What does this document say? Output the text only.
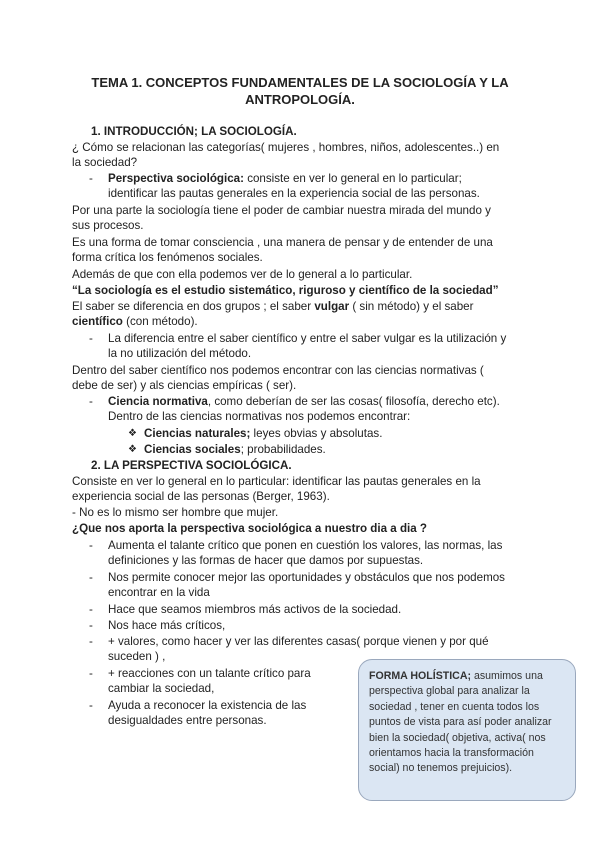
TEMA 1. CONCEPTOS FUNDAMENTALES DE LA SOCIOLOGÍA Y LA
ANTROPOLOGÍA.
1. INTRODUCCIÓN; LA SOCIOLOGÍA.
¿ Cómo se relacionan las categorías( mujeres , hombres, niños, adolescentes..) en
la sociedad?
- Perspectiva sociológica: consiste en ver lo general en lo particular;
identificar las pautas generales en la experiencia social de las personas.
Por una parte la sociología tiene el poder de cambiar nuestra mirada del mundo y
sus procesos.
Es una forma de tomar consciencia , una manera de pensar y de entender de una
forma crítica los fenómenos sociales.
Además de que con ella podemos ver de lo general a lo particular.
“La sociología es el estudio sistemático, riguroso y científico de la sociedad”
El saber se diferencia en dos grupos ; el saber vulgar ( sin método) y el saber
científico (con método).
- La diferencia entre el saber científico y entre el saber vulgar es la utilización y
la no utilización del método.
Dentro del saber científico nos podemos encontrar con las ciencias normativas (
debe de ser) y als ciencias empíricas ( ser).
- Ciencia normativa, como deberían de ser las cosas( filosofía, derecho etc).
Dentro de las ciencias normativas nos podemos encontrar:
❖ Ciencias naturales; leyes obvias y absolutas.
❖ Ciencias sociales; probabilidades.
2. LA PERSPECTIVA SOCIOLÓGICA.
Consiste en ver lo general en lo particular: identificar las pautas generales en la
experiencia social de las personas (Berger, 1963).
- No es lo mismo ser hombre que mujer.
¿Que nos aporta la perspectiva sociológica a nuestro dia a dia ?
- Aumenta el talante crítico que ponen en cuestión los valores, las normas, las
definiciones y las formas de hacer que damos por supuestas.
- Nos permite conocer mejor las oportunidades y obstáculos que nos podemos
encontrar en la vida
- Hace que seamos miembros más activos de la sociedad.
- Nos hace más críticos,
- + valores, como hacer y ver las diferentes casas( porque vienen y por qué
suceden ) ,
- + reacciones con un talante crítico para
cambiar la sociedad,
- Ayuda a reconocer la existencia de las
desigualdades entre personas.
FORMA HOLÍSTICA; asumimos una
perspectiva global para analizar la
sociedad , tener en cuenta todos los
puntos de vista para así poder analizar
bien la sociedad( objetiva, activa( nos
orientamos hacia la transformación
social) no tenemos prejuicios).
